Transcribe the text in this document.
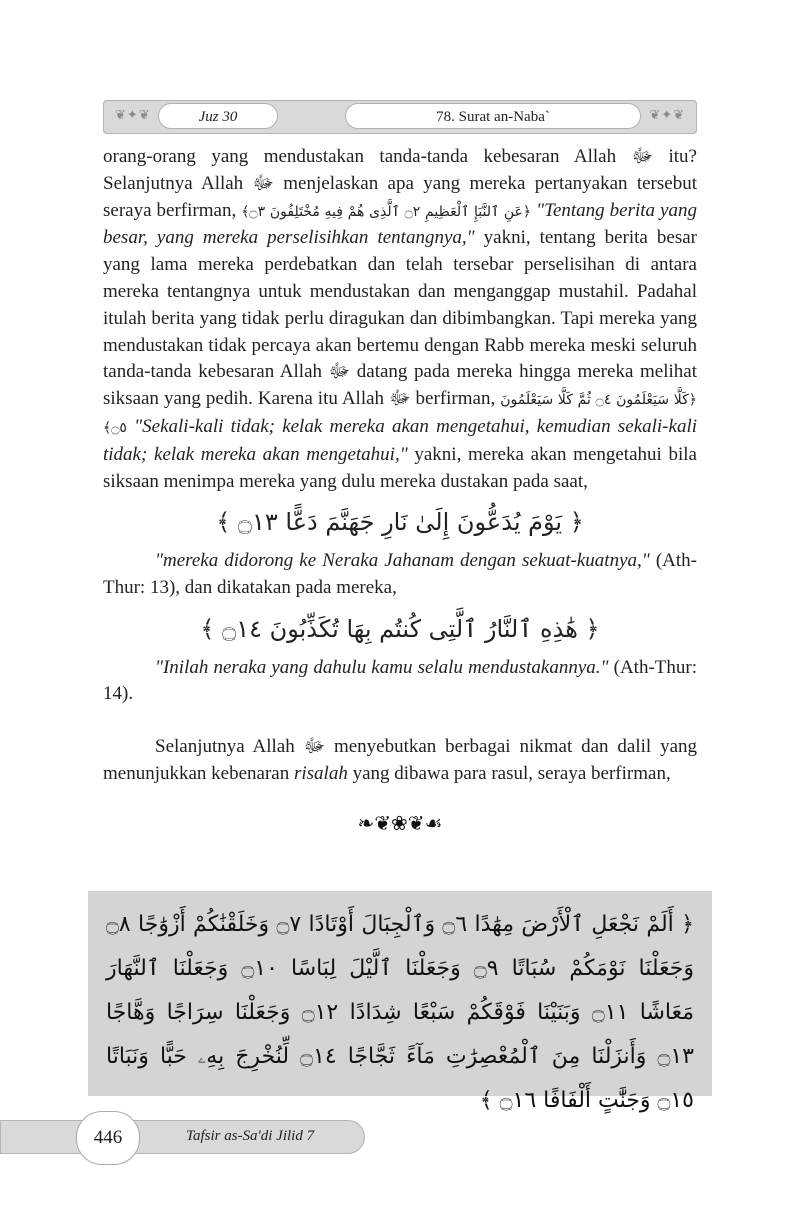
❦✦❦	Juz 30	78. Surat an-Naba`	❦✦❦

orang-orang yang mendustakan tanda-tanda kebesaran Allah ﷻ itu? Selanjutnya Allah ﷻ menjelaskan apa yang mereka pertanyakan tersebut seraya berfirman, ﴿عَنِ ٱلنَّبَإِ ٱلْعَظِيمِ ۝٢ ٱلَّذِى هُمْ فِيهِ مُخْتَلِفُونَ ۝٣﴾ "Tentang berita yang besar, yang mereka perselisihkan tentangnya," yakni, tentang berita besar yang lama mereka perdebatkan dan telah tersebar perselisihan di antara mereka tentangnya untuk mendustakan dan menganggap mustahil. Padahal itulah berita yang tidak perlu diragukan dan dibimbangkan. Tapi mereka yang mendustakan tidak percaya akan bertemu dengan Rabb mereka meski seluruh tanda-tanda kebesaran Allah ﷻ datang pada mereka hingga mereka melihat siksaan yang pedih. Karena itu Allah ﷻ berfirman, ﴿كَلَّا سَيَعْلَمُونَ ۝٤ ثُمَّ كَلَّا سَيَعْلَمُونَ ۝٥﴾ "Sekali-kali tidak; kelak mereka akan mengetahui, kemudian sekali-kali tidak; kelak mereka akan mengetahui," yakni, mereka akan mengetahui bila siksaan menimpa mereka yang dulu mereka dustakan pada saat,

﴿ يَوْمَ يُدَعُّونَ إِلَىٰ نَارِ جَهَنَّمَ دَعًّا ۝١٣ ﴾

"mereka didorong ke Neraka Jahanam dengan sekuat-kuatnya," (Ath-Thur: 13), dan dikatakan pada mereka,

﴿ هَٰذِهِ ٱلنَّارُ ٱلَّتِى كُنتُم بِهَا تُكَذِّبُونَ ۝١٤ ﴾

"Inilah neraka yang dahulu kamu selalu mendustakannya." (Ath-Thur: 14).

Selanjutnya Allah ﷻ menyebutkan berbagai nikmat dan dalil yang menunjukkan kebenaran risalah yang dibawa para rasul, seraya berfirman,

❧❦❀❦☙
﴿ أَلَمْ نَجْعَلِ ٱلْأَرْضَ مِهَٰدًا ۝٦ وَٱلْجِبَالَ أَوْتَادًا ۝٧ وَخَلَقْنَٰكُمْ أَزْوَٰجًا ۝٨ وَجَعَلْنَا نَوْمَكُمْ سُبَاتًا ۝٩ وَجَعَلْنَا ٱلَّيْلَ لِبَاسًا ۝١٠ وَجَعَلْنَا ٱلنَّهَارَ مَعَاشًا ۝١١ وَبَنَيْنَا فَوْقَكُمْ سَبْعًا شِدَادًا ۝١٢ وَجَعَلْنَا سِرَاجًا وَهَّاجًا ۝١٣ وَأَنزَلْنَا مِنَ ٱلْمُعْصِرَٰتِ مَآءً ثَجَّاجًا ۝١٤ لِّنُخْرِجَ بِهِۦ حَبًّا وَنَبَاتًا ۝١٥ وَجَنَّٰتٍ أَلْفَافًا ۝١٦ ﴾
446	Tafsir as-Sa'di Jilid 7
